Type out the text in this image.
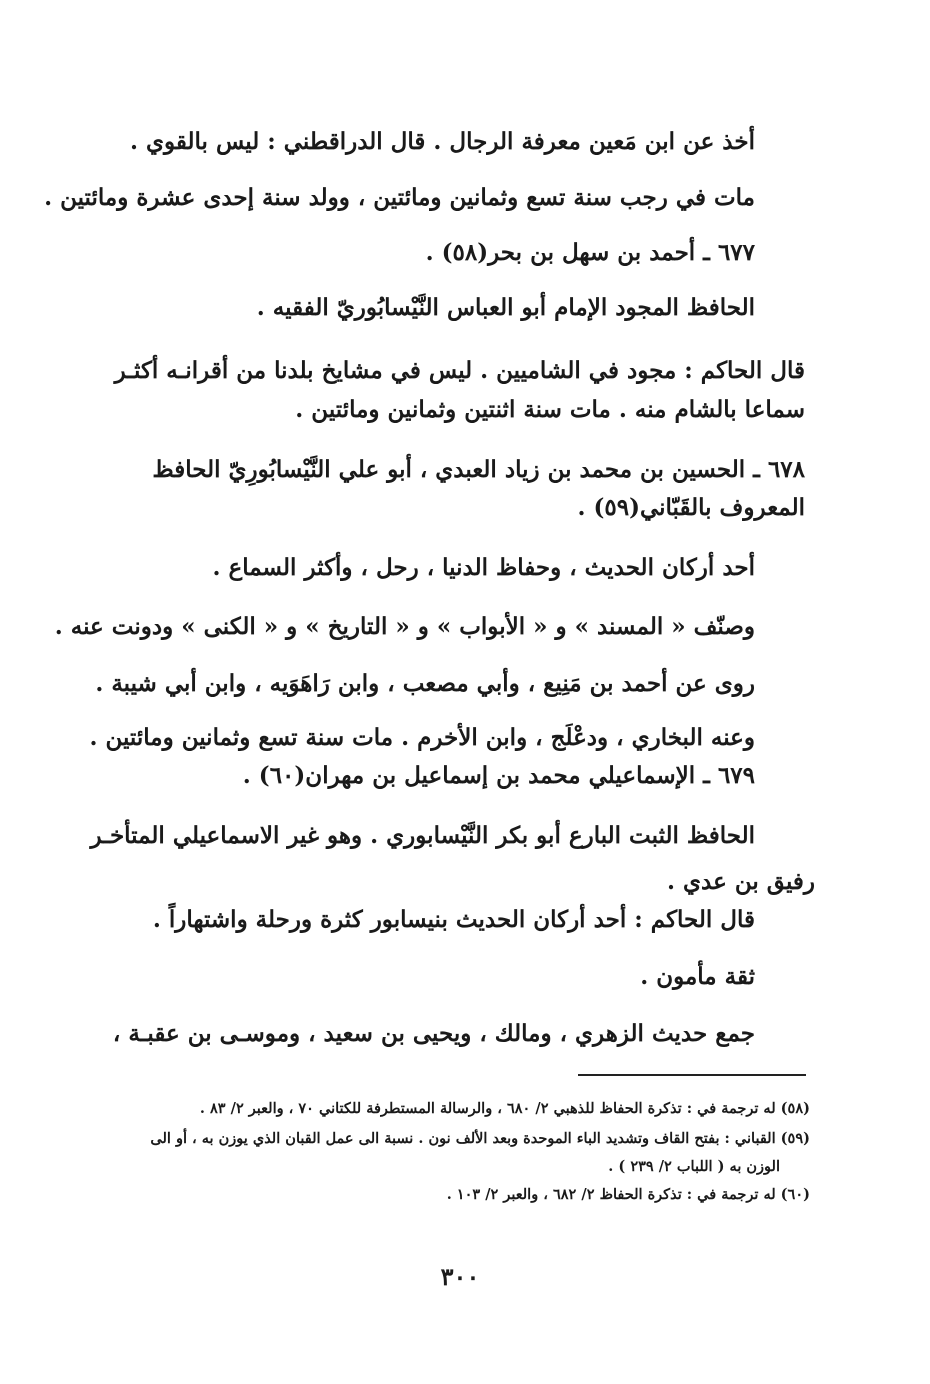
أخذ عن ابن مَعين معرفة الرجال . قال الدراقطني : ليس بالقوي .
مات في رجب سنة تسع وثمانين ومائتين ، وولد سنة إحدى عشرة ومائتين .
٦٧٧ ـ أحمد بن سهل بن بحر(٥٨) .
الحافظ المجود الإمام أبو العباس النَّيْسابُوريّ الفقيه .
قال الحاكم : مجود في الشاميين . ليس في مشايخ بلدنا من أقرانـه أكثـر
سماعا بالشام منه . مات سنة اثنتين وثمانين ومائتين .
٦٧٨ ـ الحسين بن محمد بن زياد العبدي ، أبو علي النَّيْسابُورِيّ الحافظ
المعروف بالقَبّاني(٥٩) .
أحد أركان الحديث ، وحفاظ الدنيا ، رحل ، وأكثر السماع .
وصنّف « المسند » و « الأبواب » و « التاريخ » و « الكنى » ودونت عنه .
روى عن أحمد بن مَنِيع ، وأبي مصعب ، وابن رَاهَوَيه ، وابن أبي شيبة .
وعنه البخاري ، ودعْلَج ، وابن الأخرم . مات سنة تسع وثمانين ومائتين .
٦٧٩ ـ الإسماعيلي محمد بن إسماعيل بن مهران(٦٠) .
الحافظ الثبت البارع أبو بكر النَّيْسابوري . وهو غير الاسماعيلي المتأخـر
رفيق بن عدي .
قال الحاكم : أحد أركان الحديث بنيسابور كثرة ورحلة واشتهاراً .
ثقة مأمون .
جمع حديث الزهري ، ومالك ، ويحيى بن سعيد ، وموسـى بن عقبـة ،
(٥٨) له ترجمة في : تذكرة الحفاظ للذهبي ٢/ ٦٨٠ ، والرسالة المستطرفة للكتاني ٧٠ ، والعبر ٢/ ٨٣ .
(٥٩) القباني : بفتح القاف وتشديد الباء الموحدة وبعد الألف نون . نسبة الى عمل القبان الذي يوزن به ، أو الى
الوزن به ( اللباب ٢/ ٢٣٩ ) .
(٦٠) له ترجمة في : تذكرة الحفاظ ٢/ ٦٨٢ ، والعبر ٢/ ١٠٣ .
٣٠٠
